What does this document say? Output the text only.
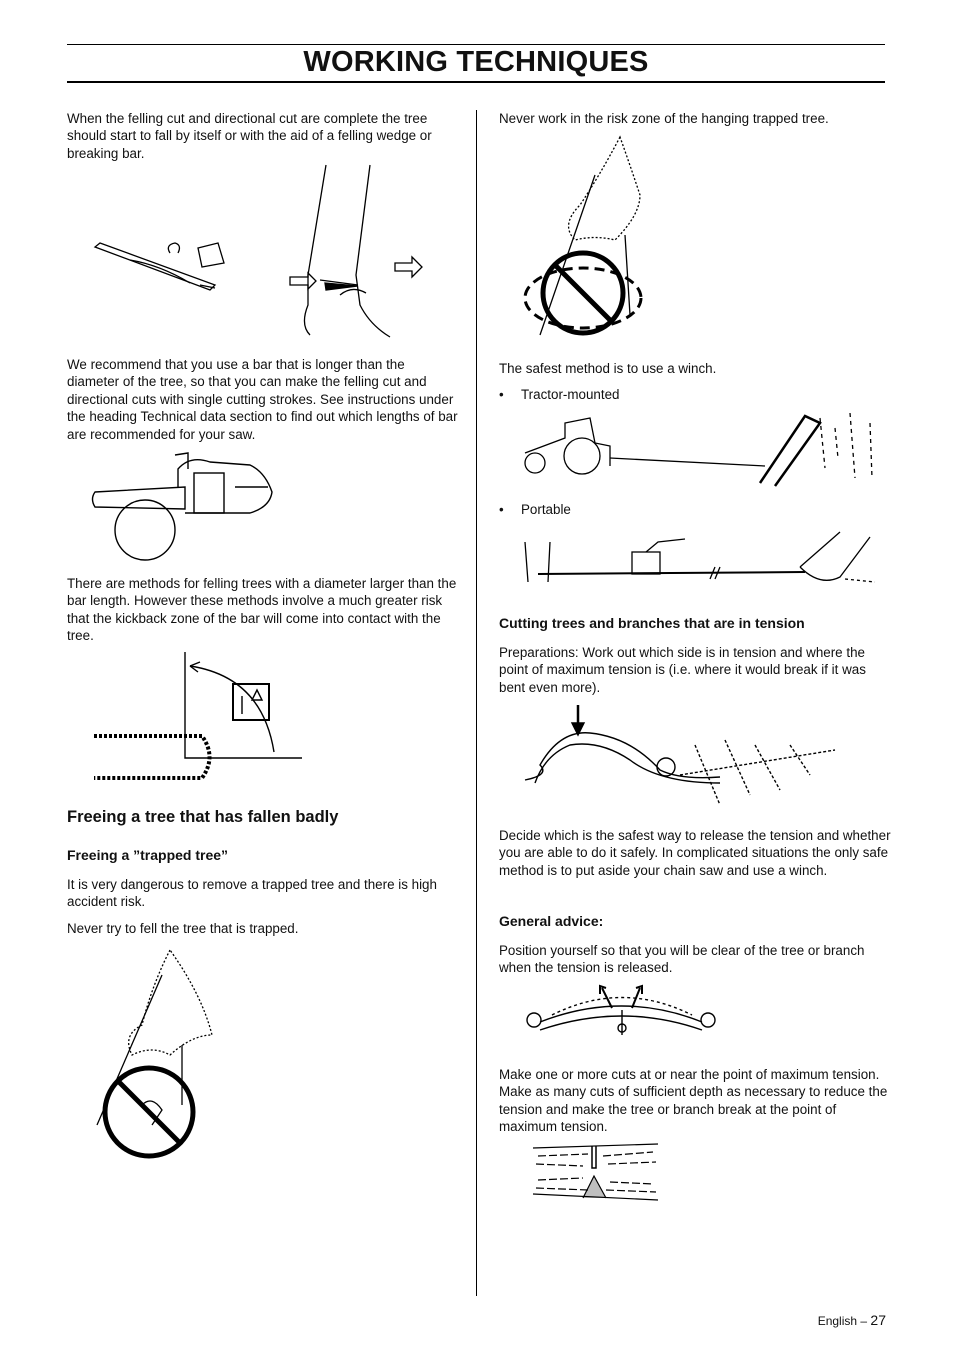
WORKING TECHNIQUES

When the felling cut and directional cut are complete the tree should start to fall by itself or with the aid of a felling wedge or breaking bar.

We recommend that you use a bar that is longer than the diameter of the tree, so that you can make the felling cut and directional cuts with single cutting strokes. See instructions under the heading Technical data section to find out which lengths of bar are recommended for your saw.

There are methods for felling trees with a diameter larger than the bar length. However these methods involve a much greater risk that the kickback zone of the bar will come into contact with the tree.

Freeing a tree that has fallen badly
Freeing a ”trapped tree”

It is very dangerous to remove a trapped tree and there is high accident risk.

Never try to fell the tree that is trapped.

Never work in the risk zone of the hanging trapped tree.

The safest method is to use a winch.

• Tractor-mounted
• Portable
Cutting trees and branches that are in tension

Preparations: Work out which side is in tension and where the point of maximum tension is (i.e. where it would break if it was bent even more).

Decide which is the safest way to release the tension and whether you are able to do it safely. In complicated situations the only safe method is to put aside your chain saw and use a winch.

General advice:

Position yourself so that you will be clear of the tree or branch when the tension is released.

Make one or more cuts at or near the point of maximum tension. Make as many cuts of sufficient depth as necessary to reduce the tension and make the tree or branch break at the point of maximum tension.

English – 27
